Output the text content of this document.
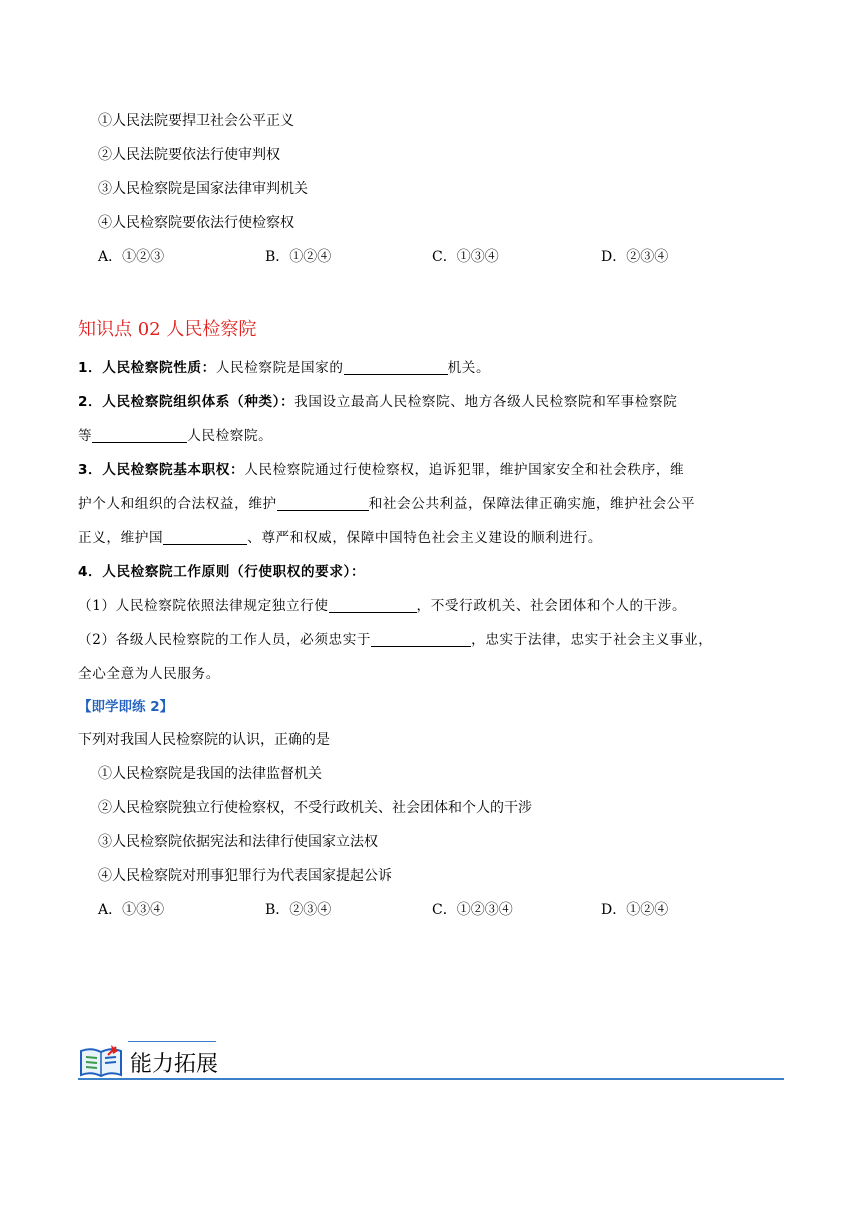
①人民法院要捍卫社会公平正义
②人民法院要依法行使审判权
③人民检察院是国家法律审判机关
④人民检察院要依法行使检察权
A．①②③	B．①②④	C．①③④	D．②③④
知识点 02 人民检察院
1．人民检察院性质：人民检察院是国家的	机关。
2．人民检察院组织体系（种类）：我国设立最高人民检察院、地方各级人民检察院和军事检察院
等	人民检察院。
3．人民检察院基本职权：人民检察院通过行使检察权，追诉犯罪，维护国家安全和社会秩序，维
护个人和组织的合法权益，维护	和社会公共利益，保障法律正确实施，维护社会公平
正义，维护国	、尊严和权威，保障中国特色社会主义建设的顺利进行。
4．人民检察院工作原则（行使职权的要求）：
（1）人民检察院依照法律规定独立行使	，不受行政机关、社会团体和个人的干涉。
（2）各级人民检察院的工作人员，必须忠实于	，忠实于法律，忠实于社会主义事业，
全心全意为人民服务。
【即学即练 2】
下列对我国人民检察院的认识，正确的是
①人民检察院是我国的法律监督机关
②人民检察院独立行使检察权，不受行政机关、社会团体和个人的干涉
③人民检察院依据宪法和法律行使国家立法权
④人民检察院对刑事犯罪行为代表国家提起公诉
A．①③④	B．②③④	C．①②③④	D．①②④
能力拓展
